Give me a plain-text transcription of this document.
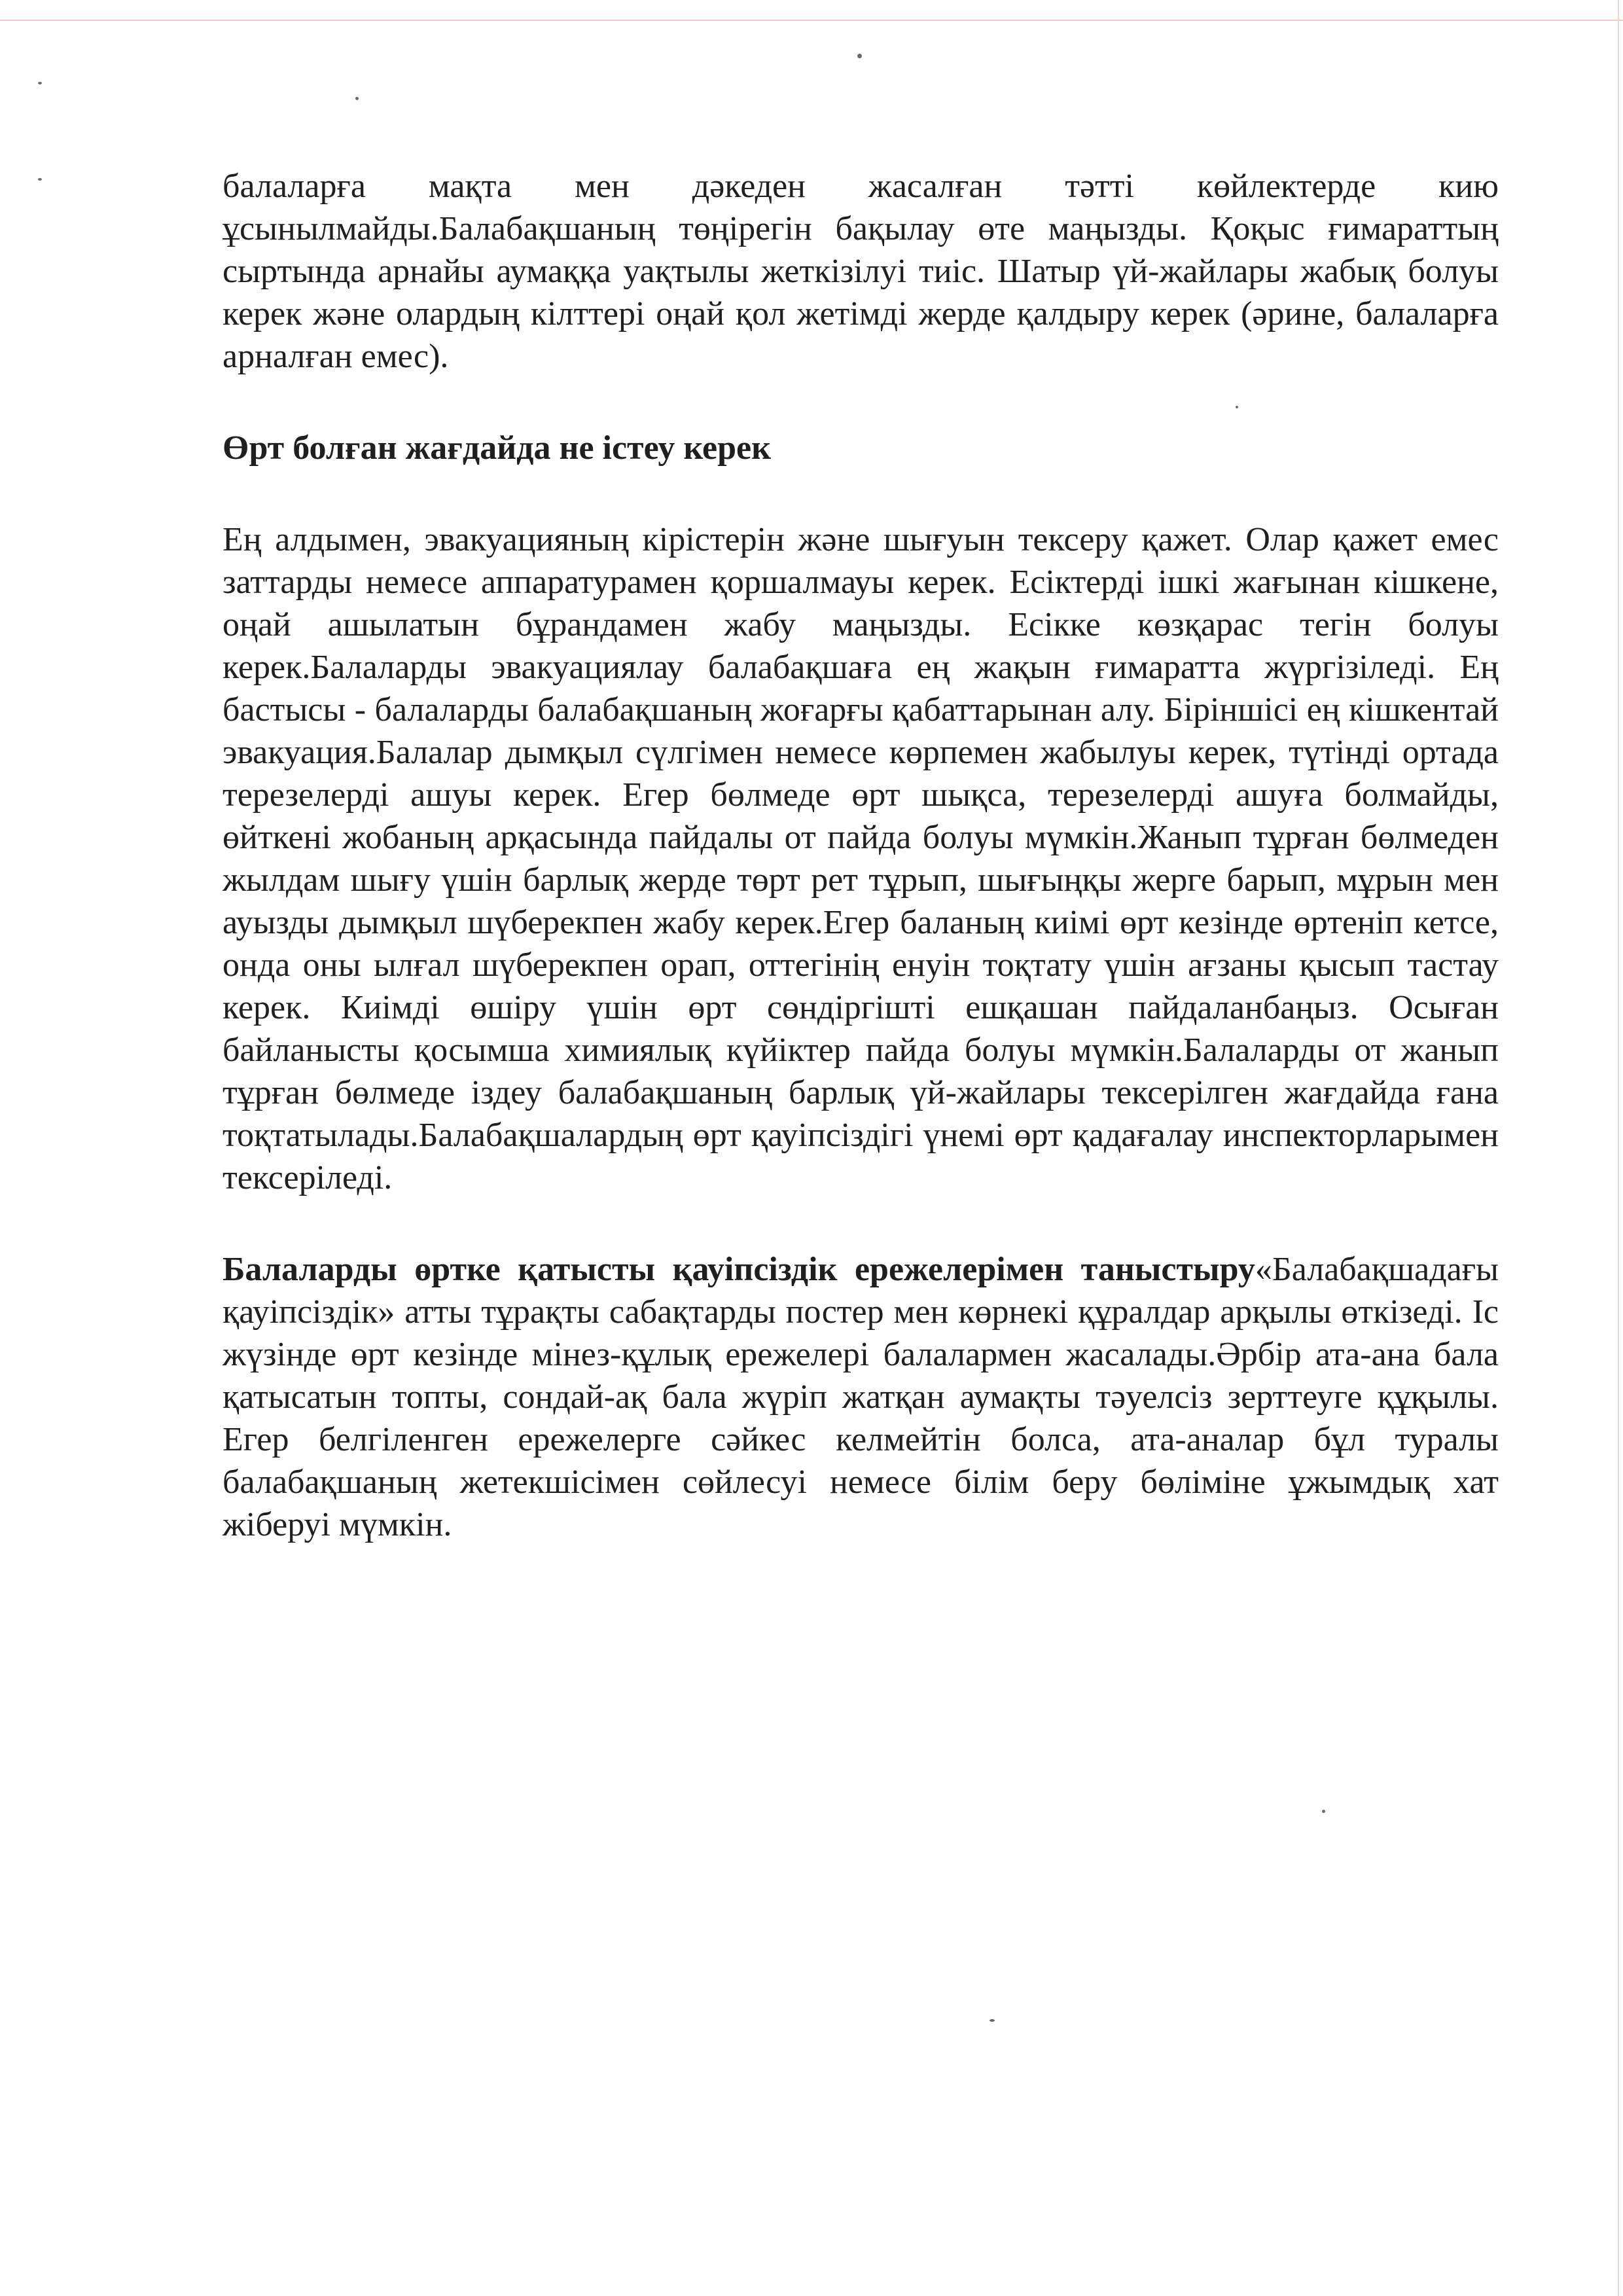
балаларға мақта мен дәкеден жасалған тәтті көйлектерде кию ұсынылмайды.Балабақшаның төңірегін бақылау өте маңызды. Қоқыс ғимараттың сыртында арнайы аумаққа уақтылы жеткізілуі тиіс. Шатыр үй-жайлары жабық болуы керек және олардың кілттері оңай қол жетімді жерде қалдыру керек (әрине, балаларға арналған емес).

Өрт болған жағдайда не істеу керек

Ең алдымен, эвакуацияның кірістерін және шығуын тексеру қажет. Олар қажет емес заттарды немесе аппаратурамен қоршалмауы керек. Есіктерді ішкі жағынан кішкене, оңай ашылатын бұрандамен жабу маңызды. Есікке көзқарас тегін болуы керек.Балаларды эвакуациялау балабақшаға ең жақын ғимаратта жүргізіледі. Ең бастысы - балаларды балабақшаның жоғарғы қабаттарынан алу. Біріншісі ең кішкентай эвакуация.Балалар дымқыл сүлгімен немесе көрпемен жабылуы керек, түтінді ортада терезелерді ашуы керек. Егер бөлмеде өрт шықса, терезелерді ашуға болмайды, өйткені жобаның арқасында пайдалы от пайда болуы мүмкін.Жанып тұрған бөлмеден жылдам шығу үшін барлық жерде төрт рет тұрып, шығыңқы жерге барып, мұрын мен ауызды дымқыл шүберекпен жабу керек.Егер баланың киімі өрт кезінде өртеніп кетсе, онда оны ылғал шүберекпен орап, оттегінің енуін тоқтату үшін ағзаны қысып тастау керек. Киімді өшіру үшін өрт сөндіргішті ешқашан пайдаланбаңыз. Осыған байланысты қосымша химиялық күйіктер пайда болуы мүмкін.Балаларды от жанып тұрған бөлмеде іздеу балабақшаның барлық үй-жайлары тексерілген жағдайда ғана тоқтатылады.Балабақшалардың өрт қауіпсіздігі үнемі өрт қадағалау инспекторларымен тексеріледі.

Балаларды өртке қатысты қауіпсіздік ережелерімен таныстыру«Балабақшадағы қауіпсіздік» атты тұрақты сабақтарды постер мен көрнекі құралдар арқылы өткізеді. Іс жүзінде өрт кезінде мінез-құлық ережелері балалармен жасалады.Әрбір ата-ана бала қатысатын топты, сондай-ақ бала жүріп жатқан аумақты тәуелсіз зерттеуге құқылы. Егер белгіленген ережелерге сәйкес келмейтін болса, ата-аналар бұл туралы балабақшаның жетекшісімен сөйлесуі немесе білім беру бөліміне ұжымдық хат жіберуі мүмкін.
